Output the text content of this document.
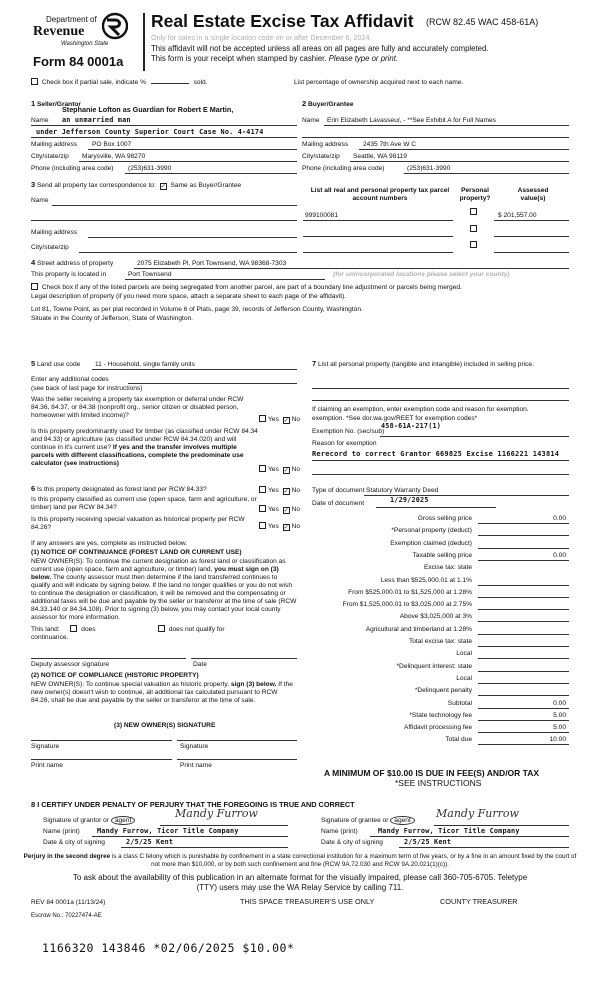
Department of
Revenue
Washington State
Form 84 0001a
Real Estate Excise Tax Affidavit (RCW 82.45 WAC 458-61A)
Only for sales in a single location code on or after December 6, 2024.
This affidavit will not be accepted unless all areas on all pages are fully and accurately completed.
This form is your receipt when stamped by cashier. Please type or print.
Check box if partial sale, indicate %	sold.	List percentage of ownership acquired next to each name.
1 Seller/Grantor
Stephanie Lofton as Guardian for Robert E Martin,
Name an unmarried man
under Jefferson County Superior Court Case No. 4-4174
Mailing address PO Box 1007
City/state/zip Marysville, WA 98270
Phone (including area code) (253)631-3990
2 Buyer/Grantee
Name Erin Elizabeth Lavasseur, - **See Exhibit A for Full Names
Mailing address 2435 7th Ave W C
City/state/zip Seattle, WA 98119
Phone (including area code)	(253)631-3990
3 Send all property tax correspondence to: ✓ Same as Buyer/Grantee
Name
Mailing address
City/state/zip
List all real and personal property tax parcel account numbers
Personal property?
Assessed value(s)
999100081	$ 201,557.00
4 Street address of property	2075 Elizabeth Pl, Port Townsend, WA 98368-7303
This property is located in	Port Townsend	(for unincorporated locations please select your county)
Check box if any of the listed parcels are being segregated from another parcel, are part of a boundary line adjustment or parcels being merged.
Legal description of property (if you need more space, attach a separate sheet to each page of the affidavit).
Lot 81, Towne Point, as per plat recorded in Volume 6 of Plats, page 39, records of Jefferson County, Washington.
Situate in the County of Jefferson, State of Washington.
5 Land use code 11 - Household, single family units
Enter any additional codes
(see back of last page for instructions)
Was the seller receiving a property tax exemption or deferral under RCW 84.36, 84.37, or 84.38 (nonprofit org., senior citizen or disabled person, homeowner with limited income)?
Yes ✓ No
Is this property predominantly used for timber (as classified under RCW 84.34 and 84.33) or agriculture (as classified under RCW 84.34.020) and will continue in it's current use? If yes and the transfer involves multiple parcels with different classifications, complete the predominate use calculator (see instructions)
Yes ✓ No
7 List all personal property (tangible and intangible) included in selling price.
If claiming an exemption, enter exemption code and reason for exemption.
exemption. *See dor.wa.gov/REET for exemption codes*
Exemption No. (sec/sub)
458-61A-217(1)
Reason for exemption
Rerecord to correct Grantor 669825 Excise 1166221 143814
6 Is this property designated as forest land per RCW 84.33?	Yes ✓ No
Is this property classified as current use (open space, farm and agriculture, or timber) land per RCW 84.34?	Yes ✓ No
Is this property receiving special valuation as historical property per RCW 84.26?	Yes ✓ No
If any answers are yes, complete as instructed below.
(1) NOTICE OF CONTINUANCE (FOREST LAND OR CURRENT USE)
NEW OWNER(S): To continue the current designation as forest land or classification as current use (open space, farm and agriculture, or timber) land, you must sign on (3) below. The county assessor must then determine if the land transferred continues to qualify and will indicate by signing below. If the land no longer qualifies or you do not wish to continue the designation or classification, it will be removed and the compensating or additional taxes will be due and payable by the seller or transferor at the time of sale (RCW 84.33.140 or 84.34.108). Prior to signing (3) below, you may contact your local county assessor for more information.
This land:	does	does not qualify for
continuance.
Deputy assessor signature	Date
(2) NOTICE OF COMPLIANCE (HISTORIC PROPERTY)
NEW OWNER(S): To continue special valuation as historic property, sign (3) below. If the new owner(s) doesn't wish to continue, all additional tax calculated pursuant to RCW 84.26, shall be due and payable by the seller or transferor at the time of sale.
(3) NEW OWNER(S) SIGNATURE
Signature	Signature
Print name	Print name
Type of document Statutory Warranty Deed
Date of document	1/29/2025
Gross selling price	0.00
*Personal property (deduct)
Exemption claimed (deduct)
Taxable selling price	0.00
Excise tax: state
Less than $525,000.01 at 1.1%
From $525,000.01 to $1,525,000 at 1.28%
From $1,525,000.01 to $3,025,000 at 2.75%
Above $3,025,000 at 3%
Agricultural and timberland at 1.28%
Total excise tax: state
Local
*Delinquent interest: state
Local
*Delinquent penalty
Subtotal	0.00
*State technology fee	5.00
Affidavit processing fee	5.00
Total due	10.00
A MINIMUM OF $10.00 IS DUE IN FEE(S) AND/OR TAX
*SEE INSTRUCTIONS
8 I CERTIFY UNDER PENALTY OF PERJURY THAT THE FOREGOING IS TRUE AND CORRECT
Signature of grantor or agent
Mandy Furrow
Name (print)	Mandy Furrow, Ticor Title Company
Date & city of signing	2/5/25 Kent
Signature of grantee or agent
Mandy Furrow
Name (print)	Mandy Furrow, Ticor Title Company
Date & city of signing	2/5/25 Kent
Perjury in the second degree is a class C felony which is punishable by confinement in a state correctional institution for a maximum term of five years, or by a fine in an amount fixed by the court of not more than $10,000, or by both such confinement and fine (RCW 9A.72.030 and RCW 9A.20.021(1)(c)).
To ask about the availability of this publication in an alternate format for the visually impaired, please call 360-705-6705. Teletype
(TTY) users may use the WA Relay Service by calling 711.
REV 84 0001a (11/13/24)	THIS SPACE TREASURER'S USE ONLY	COUNTY TREASURER
Escrow No.: 70227474-AE
1166320 143846 *02/06/2025 $10.00*
